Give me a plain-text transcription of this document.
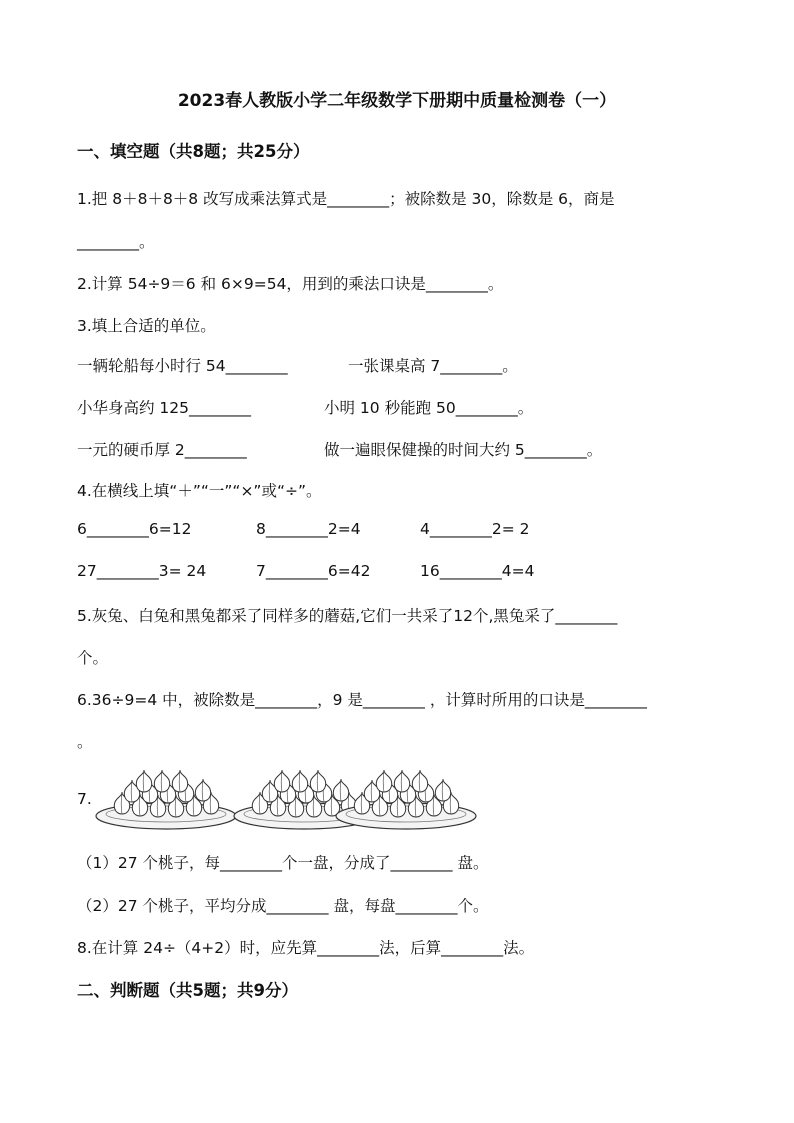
2023春人教版小学二年级数学下册期中质量检测卷（一）
一、填空题（共8题；共25分）
1.把 8＋8＋8＋8 改写成乘法算式是________；被除数是 30，除数是 6，商是
________。
2.计算 54÷9＝6 和 6×9=54，用到的乘法口诀是________。
3.填上合适的单位。
一辆轮船每小时行 54________	一张课桌高 7________。
小华身高约 125________	小明 10 秒能跑 50________。
一元的硬币厚 2________	做一遍眼保健操的时间大约 5________。
4.在横线上填“＋”“一”“×”或“÷”。
6________6=12	8________2=4	4________2= 2
27________3= 24	7________6=42	16________4=4
5.灰兔、白兔和黑兔都采了同样多的蘑菇,它们一共采了12个,黑兔采了________
个。
6.36÷9=4 中，被除数是________，9 是________ ，计算时所用的口诀是________
。
7.
（1）27 个桃子，每________个一盘，分成了________ 盘。
（2）27 个桃子，平均分成________ 盘，每盘________个。
8.在计算 24÷（4+2）时，应先算________法，后算________法。
二、判断题（共5题；共9分）
